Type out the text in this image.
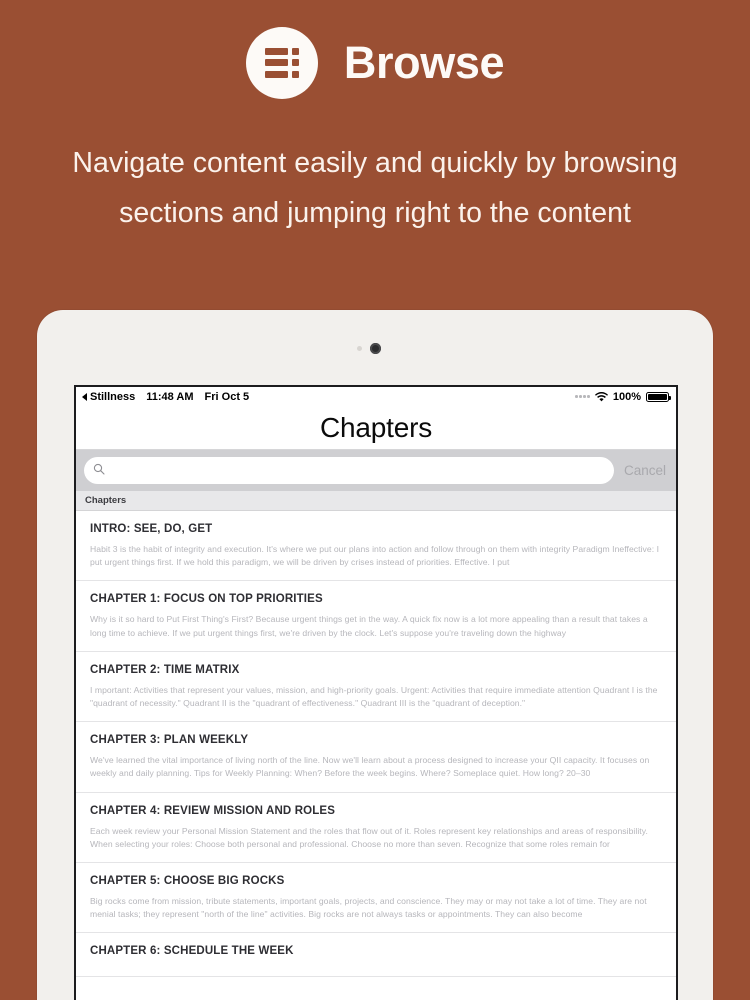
Browse
Navigate content easily and quickly by browsing sections and jumping right to the content
Stillness 11:48 AM Fri Oct 5	100%
Chapters
Cancel
Chapters
INTRO: SEE, DO, GET
Habit 3 is the habit of integrity and execution. It's where we put our plans into action and follow through on them with integrity Paradigm Ineffective: I put urgent things first. If we hold this paradigm, we will be driven by crises instead of priorities. Effective. I put
CHAPTER 1: FOCUS ON TOP PRIORITIES
Why is it so hard to Put First Thing's First? Because urgent things get in the way. A quick fix now is a lot more appealing than a result that takes a long time to achieve. If we put urgent things first, we're driven by the clock. Let's suppose you're traveling down the highway
CHAPTER 2: TIME MATRIX
I mportant: Activities that represent your values, mission, and high-priority goals. Urgent: Activities that require immediate attention Quadrant I is the "quadrant of necessity." Quadrant II is the "quadrant of effectiveness." Quadrant III is the "quadrant of deception."
CHAPTER 3: PLAN WEEKLY
We've learned the vital importance of living north of the line. Now we'll learn about a process designed to increase your QII capacity. It focuses on weekly and daily planning. Tips for Weekly Planning: When? Before the week begins. Where? Someplace quiet. How long? 20–30
CHAPTER 4: REVIEW MISSION AND ROLES
Each week review your Personal Mission Statement and the roles that flow out of it. Roles represent key relationships and areas of responsibility. When selecting your roles: Choose both personal and professional. Choose no more than seven. Recognize that some roles remain for
CHAPTER 5: CHOOSE BIG ROCKS
Big rocks come from mission, tribute statements, important goals, projects, and conscience. They may or may not take a lot of time. They are not menial tasks; they represent "north of the line" activities. Big rocks are not always tasks or appointments. They can also become
CHAPTER 6: SCHEDULE THE WEEK
